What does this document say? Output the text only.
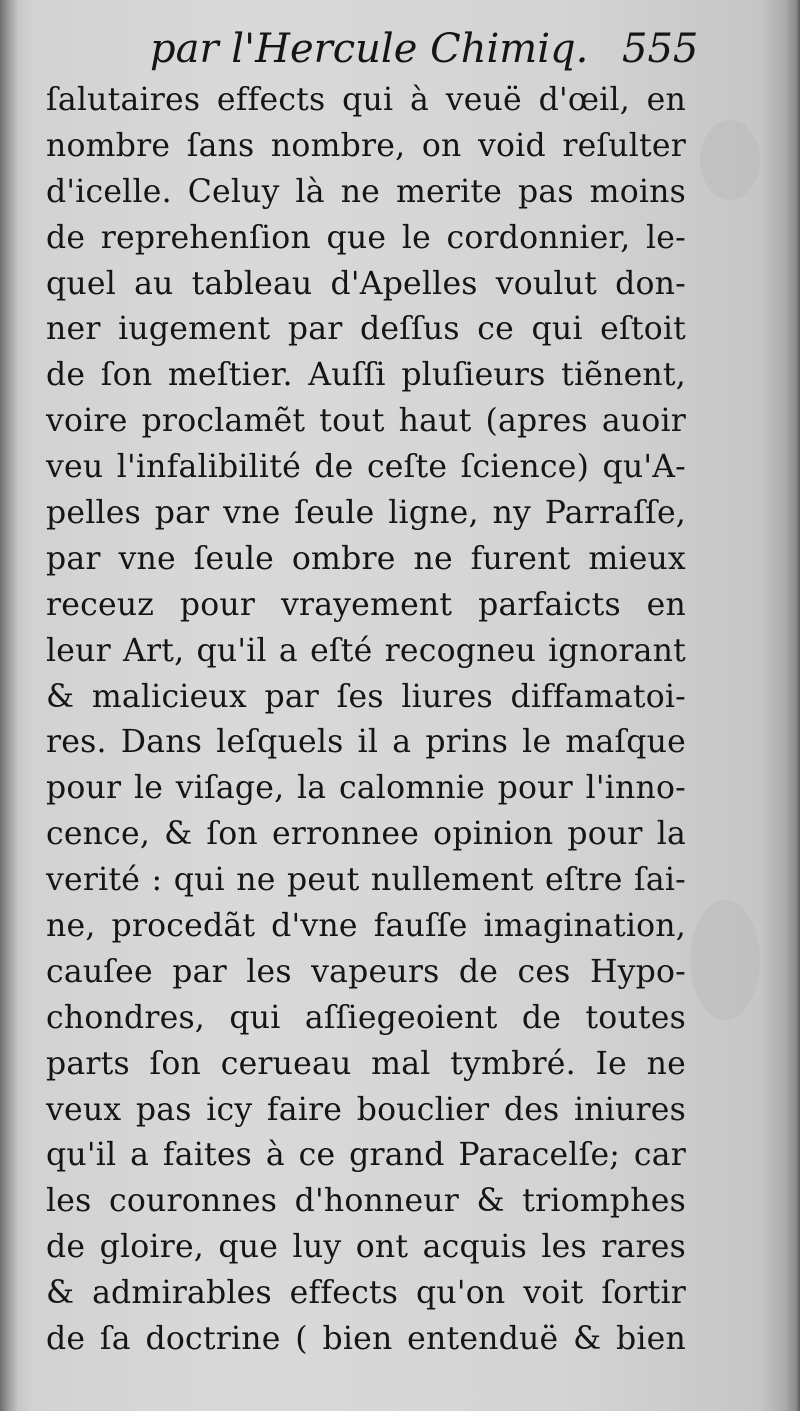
par l'Hercule Chimiq. 555
ſalutaires effects qui à veuë d'œil, en
nombre ſans nombre, on void reſulter
d'icelle. Celuy là ne merite pas moins
de reprehenſion que le cordonnier, le-
quel au tableau d'Apelles voulut don-
ner iugement par deſſus ce qui eſtoit
de ſon meſtier. Auſſi pluſieurs tiẽnent,
voire proclamẽt tout haut (apres auoir
veu l'infalibilité de ceſte ſcience) qu'A-
pelles par vne ſeule ligne, ny Parraſſe,
par vne ſeule ombre ne furent mieux
receuz pour vrayement parfaicts en
leur Art, qu'il a eſté recogneu ignorant
& malicieux par ſes liures diffamatoi-
res. Dans leſquels il a prins le maſque
pour le viſage, la calomnie pour l'inno-
cence, & ſon erronnee opinion pour la
verité : qui ne peut nullement eſtre ſai-
ne, procedãt d'vne fauſſe imagination,
cauſee par les vapeurs de ces Hypo-
chondres, qui aſſiegeoient de toutes
parts ſon cerueau mal tymbré. Ie ne
veux pas icy faire bouclier des iniures
qu'il a faites à ce grand Paracelſe; car
les couronnes d'honneur & triomphes
de gloire, que luy ont acquis les rares
& admirables effects qu'on voit ſortir
de ſa doctrine ( bien entenduë & bien
